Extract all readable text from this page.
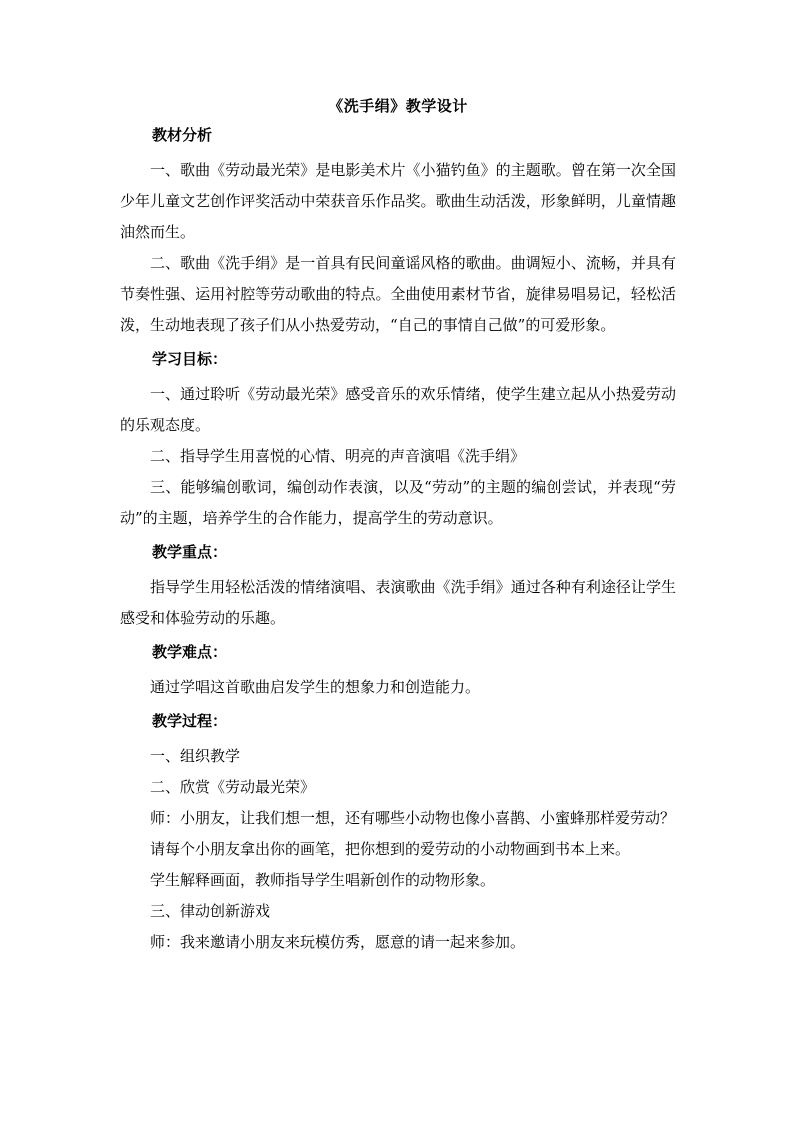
《洗手绢》教学设计
教材分析

一、歌曲《劳动最光荣》是电影美术片《小猫钓鱼》的主题歌。曾在第一次全国少年儿童文艺创作评奖活动中荣获音乐作品奖。歌曲生动活泼，形象鲜明，儿童情趣油然而生。

二、歌曲《洗手绢》是一首具有民间童谣风格的歌曲。曲调短小、流畅，并具有节奏性强、运用衬腔等劳动歌曲的特点。全曲使用素材节省，旋律易唱易记，轻松活泼，生动地表现了孩子们从小热爱劳动，“自己的事情自己做”的可爱形象。

学习目标：

一、通过聆听《劳动最光荣》感受音乐的欢乐情绪，使学生建立起从小热爱劳动的乐观态度。

二、指导学生用喜悦的心情、明亮的声音演唱《洗手绢》

三、能够编创歌词，编创动作表演，以及“劳动”的主题的编创尝试，并表现“劳动”的主题，培养学生的合作能力，提高学生的劳动意识。

教学重点：

指导学生用轻松活泼的情绪演唱、表演歌曲《洗手绢》通过各种有利途径让学生感受和体验劳动的乐趣。

教学难点：

通过学唱这首歌曲启发学生的想象力和创造能力。

教学过程：

一、组织教学

二、欣赏《劳动最光荣》

师：小朋友，让我们想一想，还有哪些小动物也像小喜鹊、小蜜蜂那样爱劳动？

请每个小朋友拿出你的画笔，把你想到的爱劳动的小动物画到书本上来。

学生解释画面，教师指导学生唱新创作的动物形象。

三、律动创新游戏

师：我来邀请小朋友来玩模仿秀，愿意的请一起来参加。
